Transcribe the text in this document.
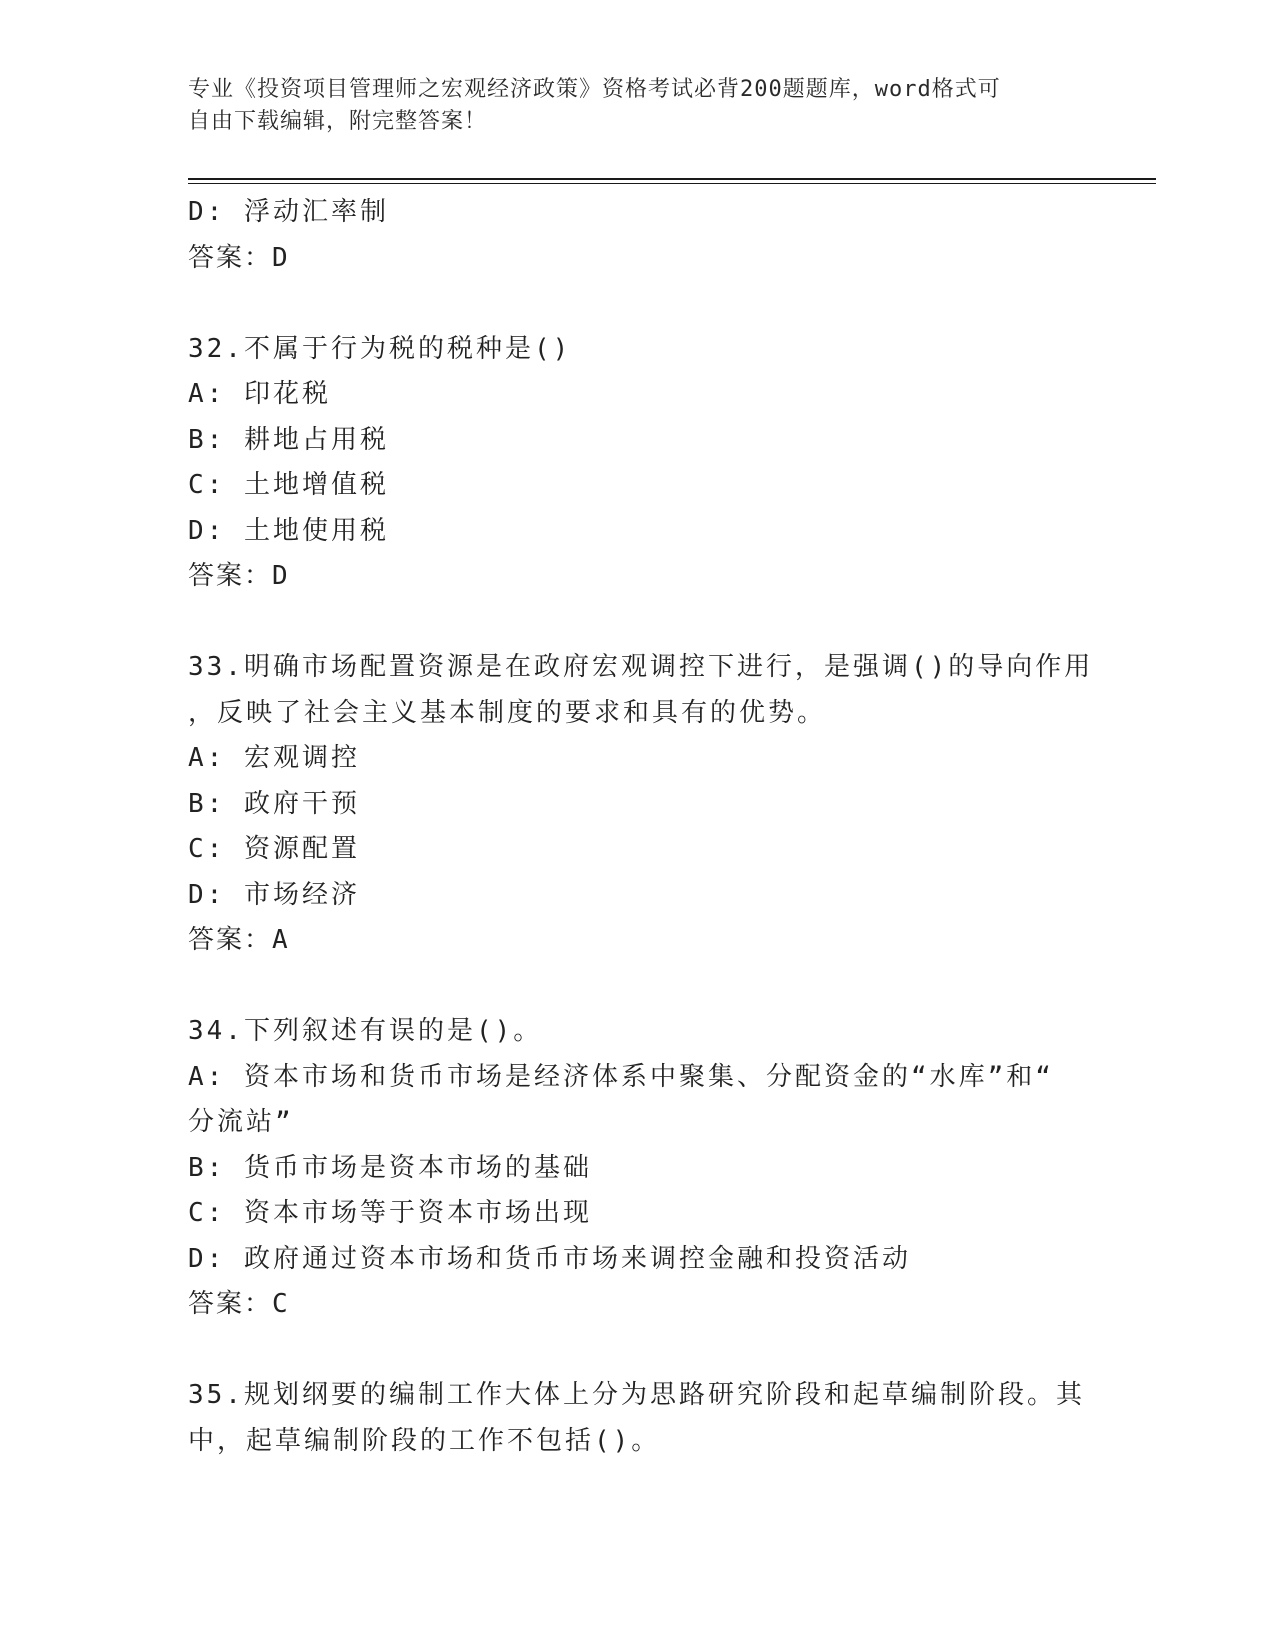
专业《投资项目管理师之宏观经济政策》资格考试必背200题题库，word格式可
自由下载编辑，附完整答案！
D: 浮动汇率制
答案：D
32.不属于行为税的税种是()
A: 印花税
B: 耕地占用税
C: 土地增值税
D: 土地使用税
答案：D
33.明确市场配置资源是在政府宏观调控下进行，是强调()的导向作用
，反映了社会主义基本制度的要求和具有的优势。
A: 宏观调控
B: 政府干预
C: 资源配置
D: 市场经济
答案：A
34.下列叙述有误的是()。
A: 资本市场和货币市场是经济体系中聚集、分配资金的“水库”和“
分流站”
B: 货币市场是资本市场的基础
C: 资本市场等于资本市场出现
D: 政府通过资本市场和货币市场来调控金融和投资活动
答案：C
35.规划纲要的编制工作大体上分为思路研究阶段和起草编制阶段。其
中，起草编制阶段的工作不包括()。
